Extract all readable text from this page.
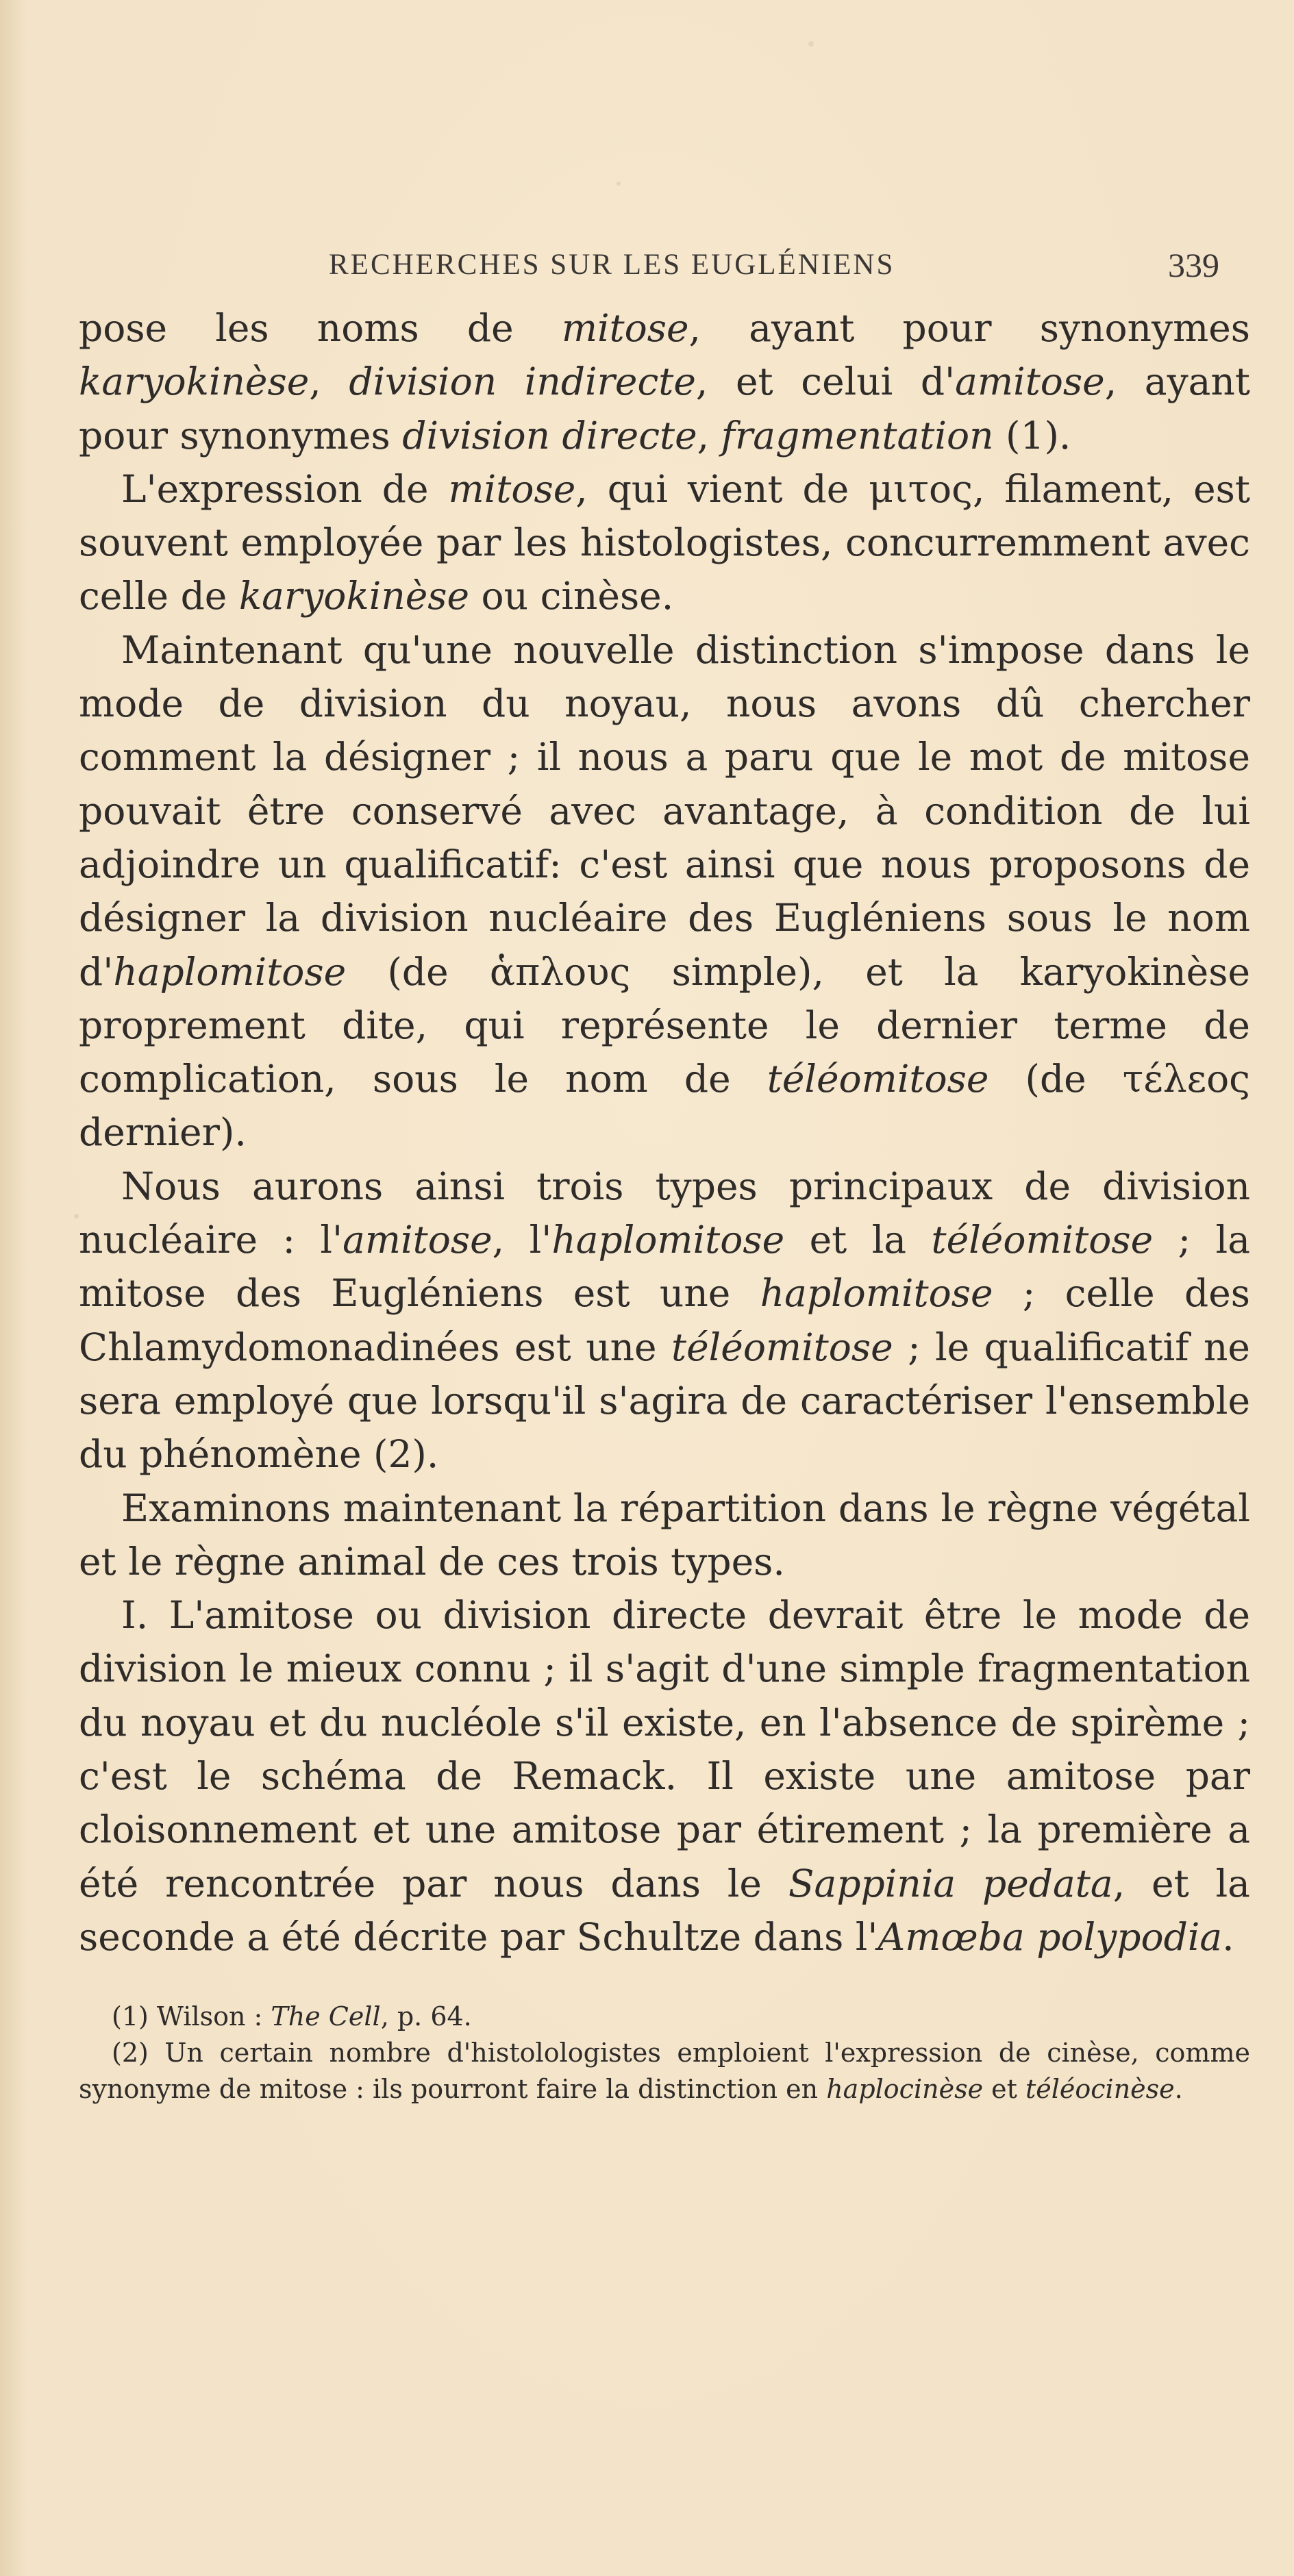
RECHERCHES SUR LES EUGLÉNIENS	339

pose les noms de mitose, ayant pour synonymes karyokinèse, division indirecte, et celui d'amitose, ayant pour synonymes division directe, fragmentation (1).

L'expression de mitose, qui vient de μιτος, filament, est souvent employée par les histologistes, concurremment avec celle de karyokinèse ou cinèse.

Maintenant qu'une nouvelle distinction s'impose dans le mode de division du noyau, nous avons dû chercher comment la désigner ; il nous a paru que le mot de mitose pouvait être conservé avec avantage, à condition de lui adjoindre un qualificatif: c'est ainsi que nous proposons de désigner la division nucléaire des Eugléniens sous le nom d'haplomitose (de ἁπλους simple), et la karyokinèse proprement dite, qui représente le dernier terme de complication, sous le nom de téléomitose (de τέλεος dernier).

Nous aurons ainsi trois types principaux de division nucléaire : l'amitose, l'haplomitose et la téléomitose ; la mitose des Eugléniens est une haplomitose ; celle des Chlamydomonadinées est une téléomitose ; le qualificatif ne sera employé que lorsqu'il s'agira de caractériser l'ensemble du phénomène (2).

Examinons maintenant la répartition dans le règne végétal et le règne animal de ces trois types.

I. L'amitose ou division directe devrait être le mode de division le mieux connu ; il s'agit d'une simple fragmentation du noyau et du nucléole s'il existe, en l'absence de spirème ; c'est le schéma de Remack. Il existe une amitose par cloisonnement et une amitose par étirement ; la première a été rencontrée par nous dans le Sappinia pedata, et la seconde a été décrite par Schultze dans l'Amœba polypodia.

(1) Wilson : The Cell, p. 64.

(2) Un certain nombre d'histolologistes emploient l'expression de cinèse, comme synonyme de mitose : ils pourront faire la distinction en haplocinèse et téléocinèse.
